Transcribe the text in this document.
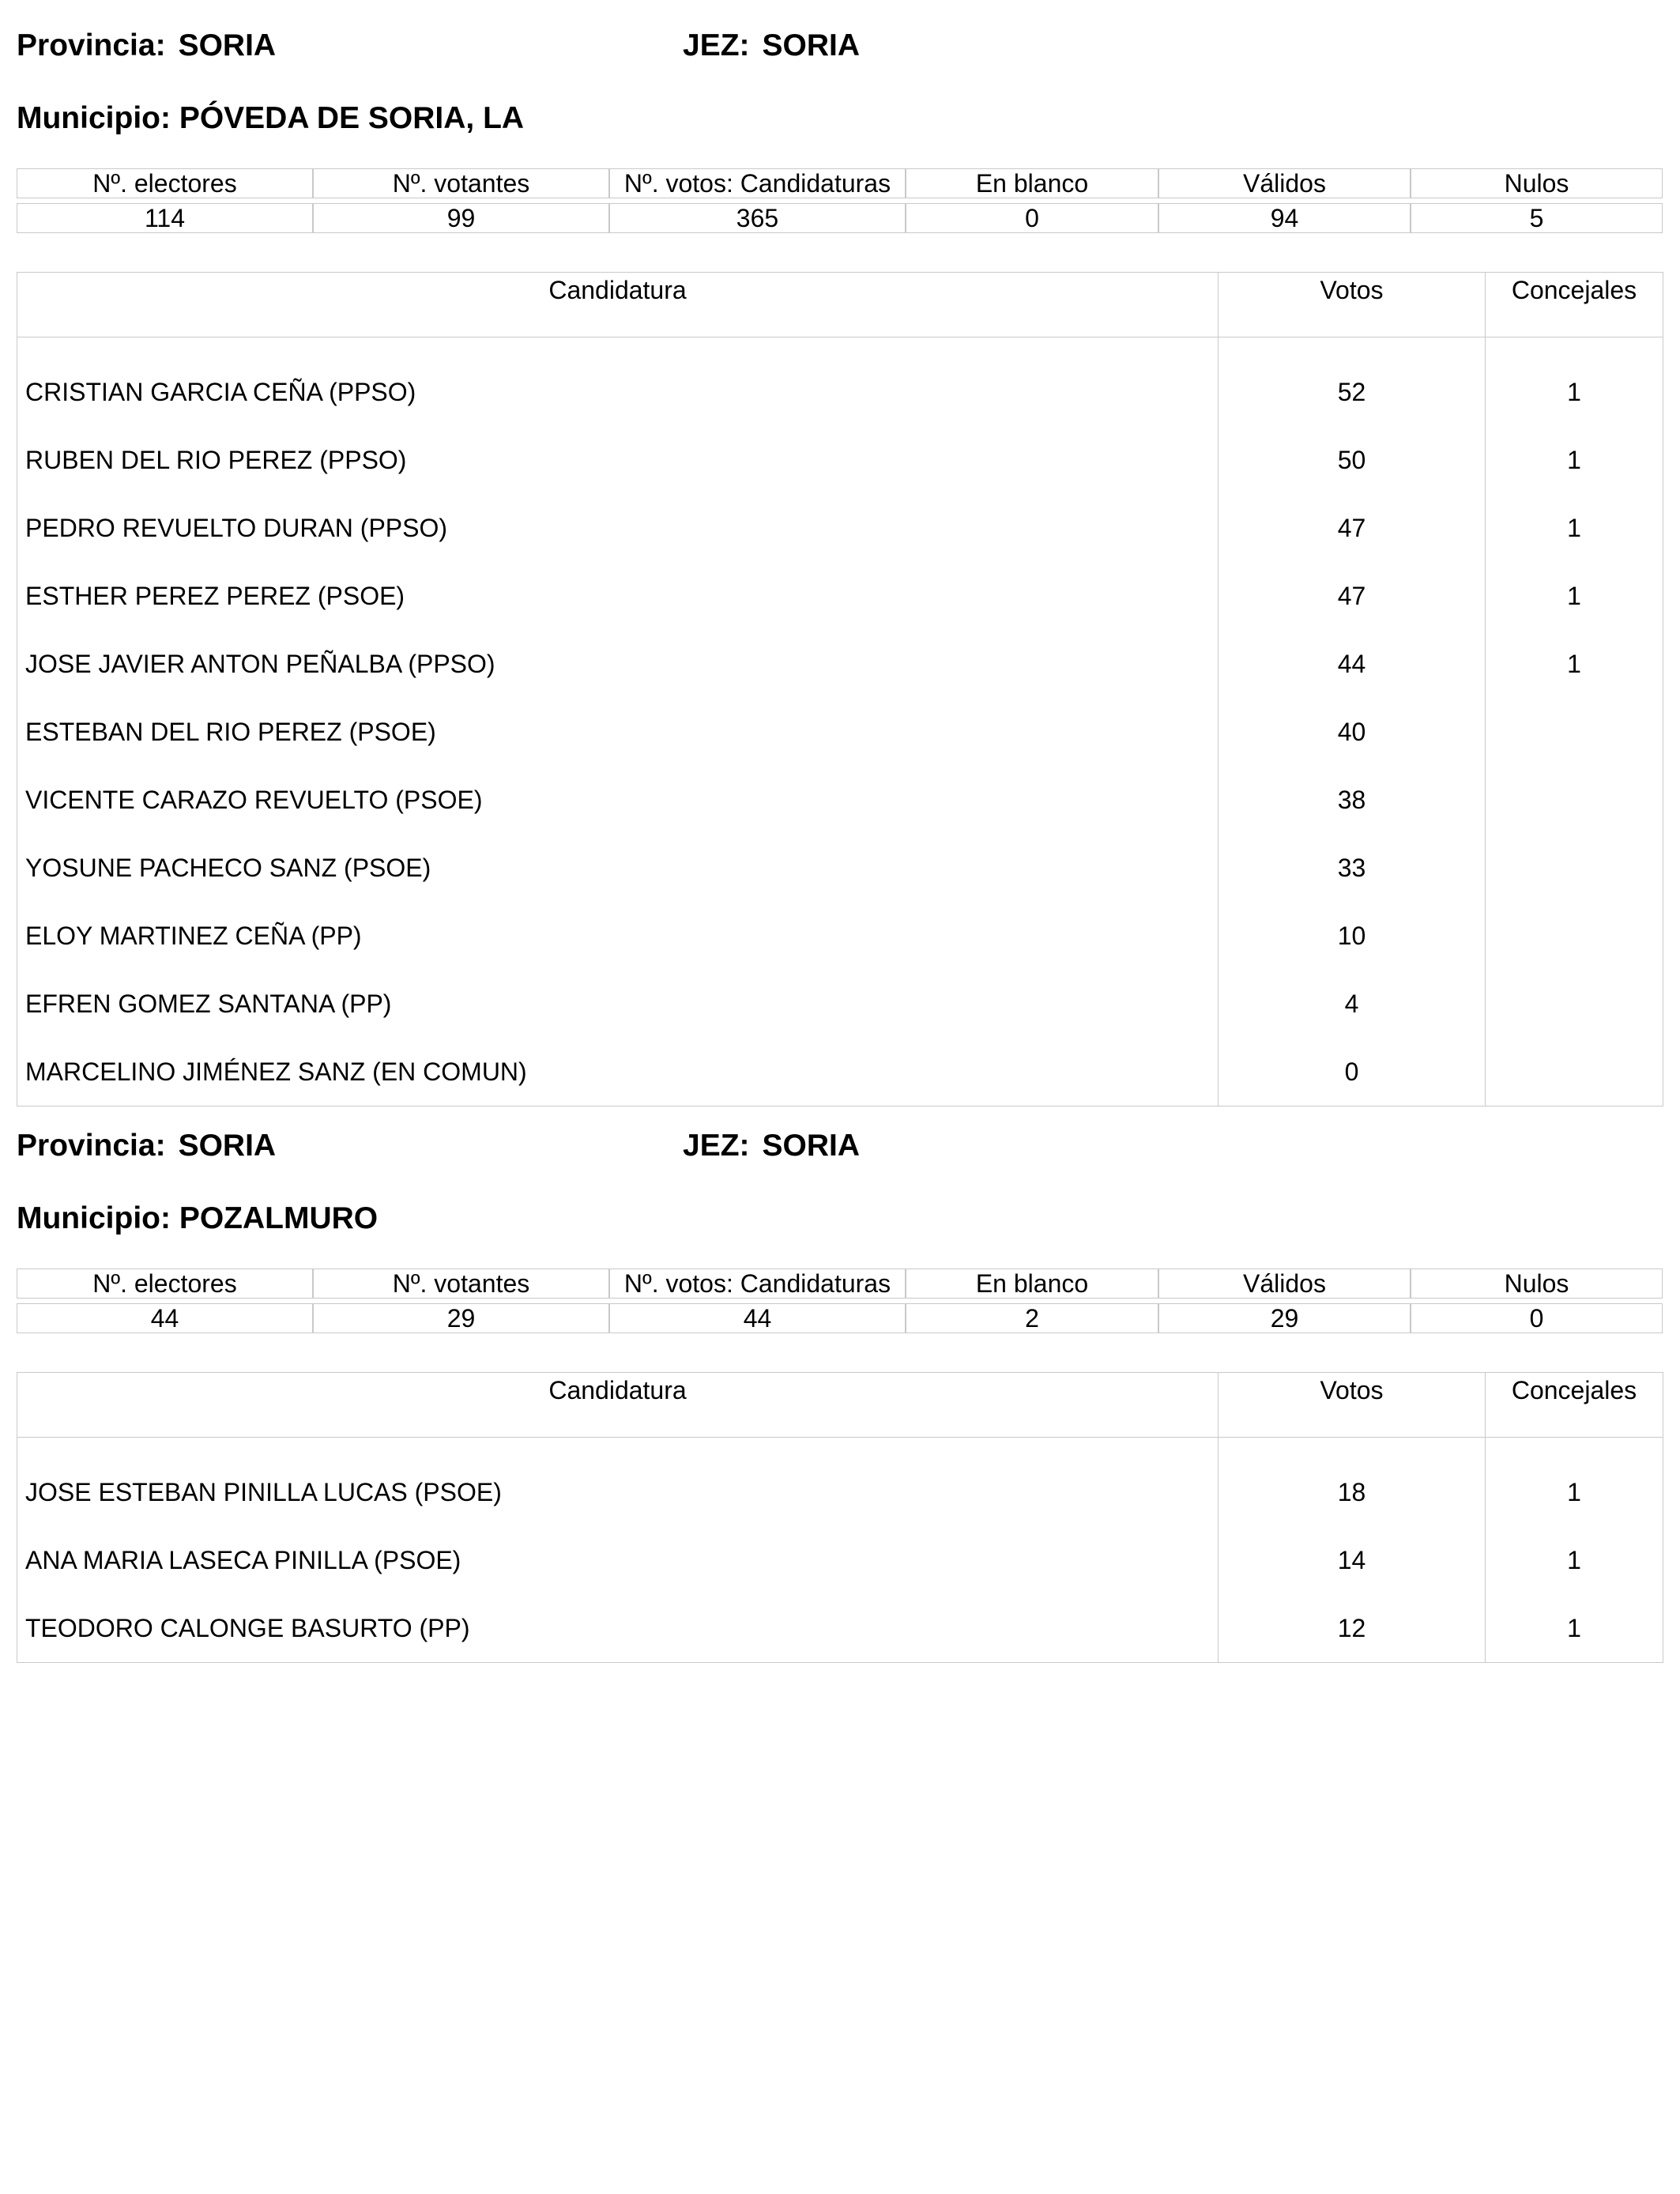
Provincia: SORIA	JEZ: SORIA
Municipio: PÓVEDA DE SORIA, LA
Nº. electores	Nº. votantes	Nº. votos: Candidaturas	En blanco	Válidos	Nulos

114	99	365	0	94	5
Candidatura	Votos	Concejales
CRISTIAN GARCIA CEÑA (PPSO)	52	1
RUBEN DEL RIO PEREZ (PPSO)	50	1
PEDRO REVUELTO DURAN (PPSO)	47	1
ESTHER PEREZ PEREZ (PSOE)	47	1
JOSE JAVIER ANTON PEÑALBA (PPSO)	44	1
ESTEBAN DEL RIO PEREZ (PSOE)	40	
VICENTE CARAZO REVUELTO (PSOE)	38	
YOSUNE PACHECO SANZ (PSOE)	33	
ELOY MARTINEZ CEÑA (PP)	10	
EFREN GOMEZ SANTANA (PP)	4	
MARCELINO JIMÉNEZ SANZ (EN COMUN)	0	
Provincia: SORIA	JEZ: SORIA
Municipio: POZALMURO
Nº. electores	Nº. votantes	Nº. votos: Candidaturas	En blanco	Válidos	Nulos

44	29	44	2	29	0
Candidatura	Votos	Concejales
JOSE ESTEBAN PINILLA LUCAS (PSOE)	18	1
ANA MARIA LASECA PINILLA (PSOE)	14	1
TEODORO CALONGE BASURTO (PP)	12	1
